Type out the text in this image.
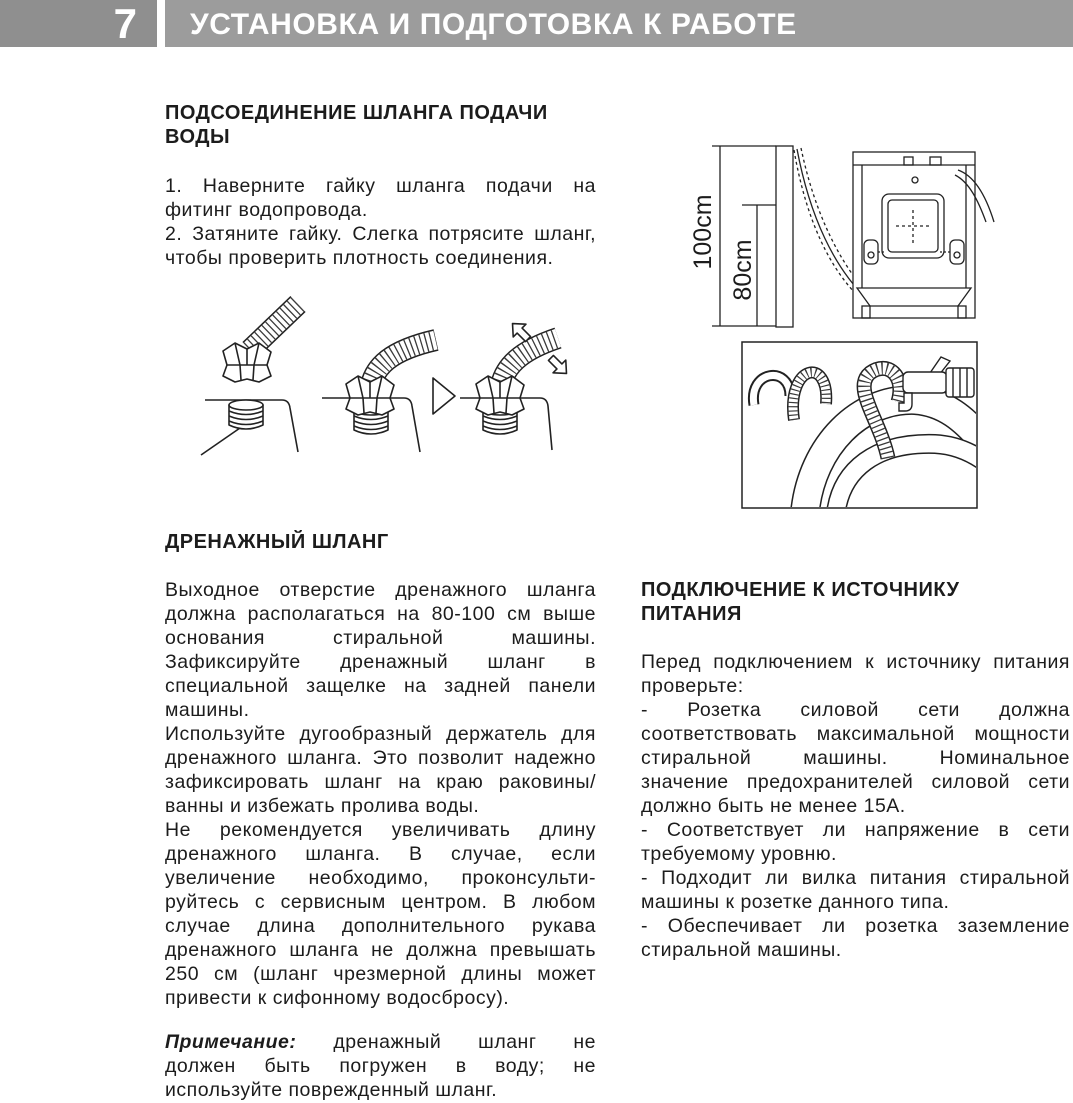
7 УСТАНОВКА И ПОДГОТОВКА К РАБОТЕ
ПОДСОЕДИНЕНИЕ ШЛАНГА ПОДАЧИ
ВОДЫ
1. Наверните гайку шланга подачи на
фитинг водопровода.
2. Затяните гайку. Слегка потрясите шланг,
чтобы проверить плотность соединения.
ДРЕНАЖНЫЙ ШЛАНГ
Выходное отверстие дренажного шланга
должна располагаться на 80-100 см выше
основания стиральной машины.
Зафиксируйте дренажный шланг в
специальной защелке на задней панели
машины.
Используйте дугообразный держатель для
дренажного шланга. Это позволит надежно
зафиксировать шланг на краю раковины/
ванны и избежать пролива воды.
Не рекомендуется увеличивать длину
дренажного шланга. В случае, если
увеличение необходимо, проконсульти-
руйтесь с сервисным центром. В любом
случае длина дополнительного рукава
дренажного шланга не должна превышать
250 см (шланг чрезмерной длины может
привести к сифонному водосбросу).
Примечание: дренажный шланг не
должен быть погружен в воду; не
используйте поврежденный шланг.
100cm
80cm
ПОДКЛЮЧЕНИЕ К ИСТОЧНИКУ
ПИТАНИЯ
Перед подключением к источнику питания
проверьте:
- Розетка силовой сети должна
соответствовать максимальной мощности
стиральной машины. Номинальное
значение предохранителей силовой сети
должно быть не менее 15А.
- Соответствует ли напряжение в сети
требуемому уровню.
- Подходит ли вилка питания стиральной
машины к розетке данного типа.
- Обеспечивает ли розетка заземление
стиральной машины.
